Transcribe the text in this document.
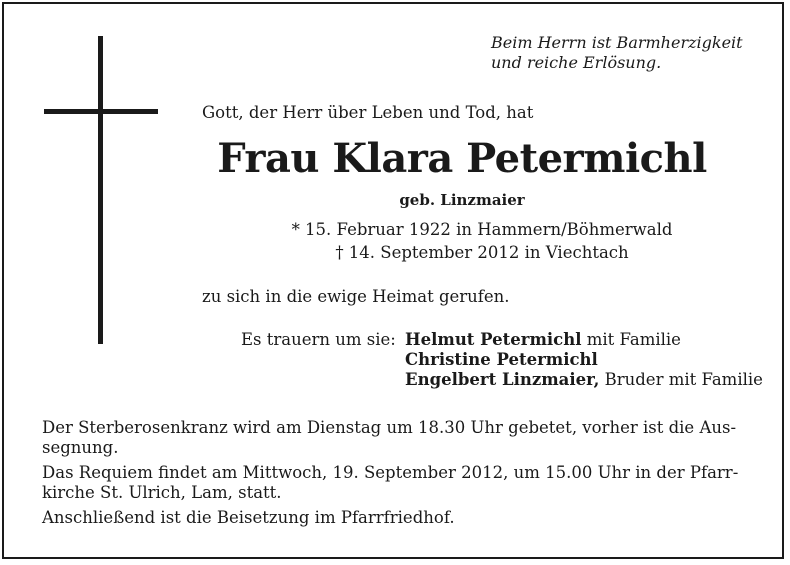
Beim Herrn ist Barmherzigkeit
und reiche Erlösung.
Gott, der Herr über Leben und Tod, hat
Frau Klara Petermichl
geb. Linzmaier
* 15. Februar 1922 in Hammern/Böhmerwald
† 14. September 2012 in Viechtach
zu sich in die ewige Heimat gerufen.
Es trauern um sie: Helmut Petermichl mit Familie
Christine Petermichl
Engelbert Linzmaier, Bruder mit Familie
Der Sterberosenkranz wird am Dienstag um 18.30 Uhr gebetet, vorher ist die Aus-
segnung.
Das Requiem findet am Mittwoch, 19. September 2012, um 15.00 Uhr in der Pfarr-
kirche St. Ulrich, Lam, statt.
Anschließend ist die Beisetzung im Pfarrfriedhof.
